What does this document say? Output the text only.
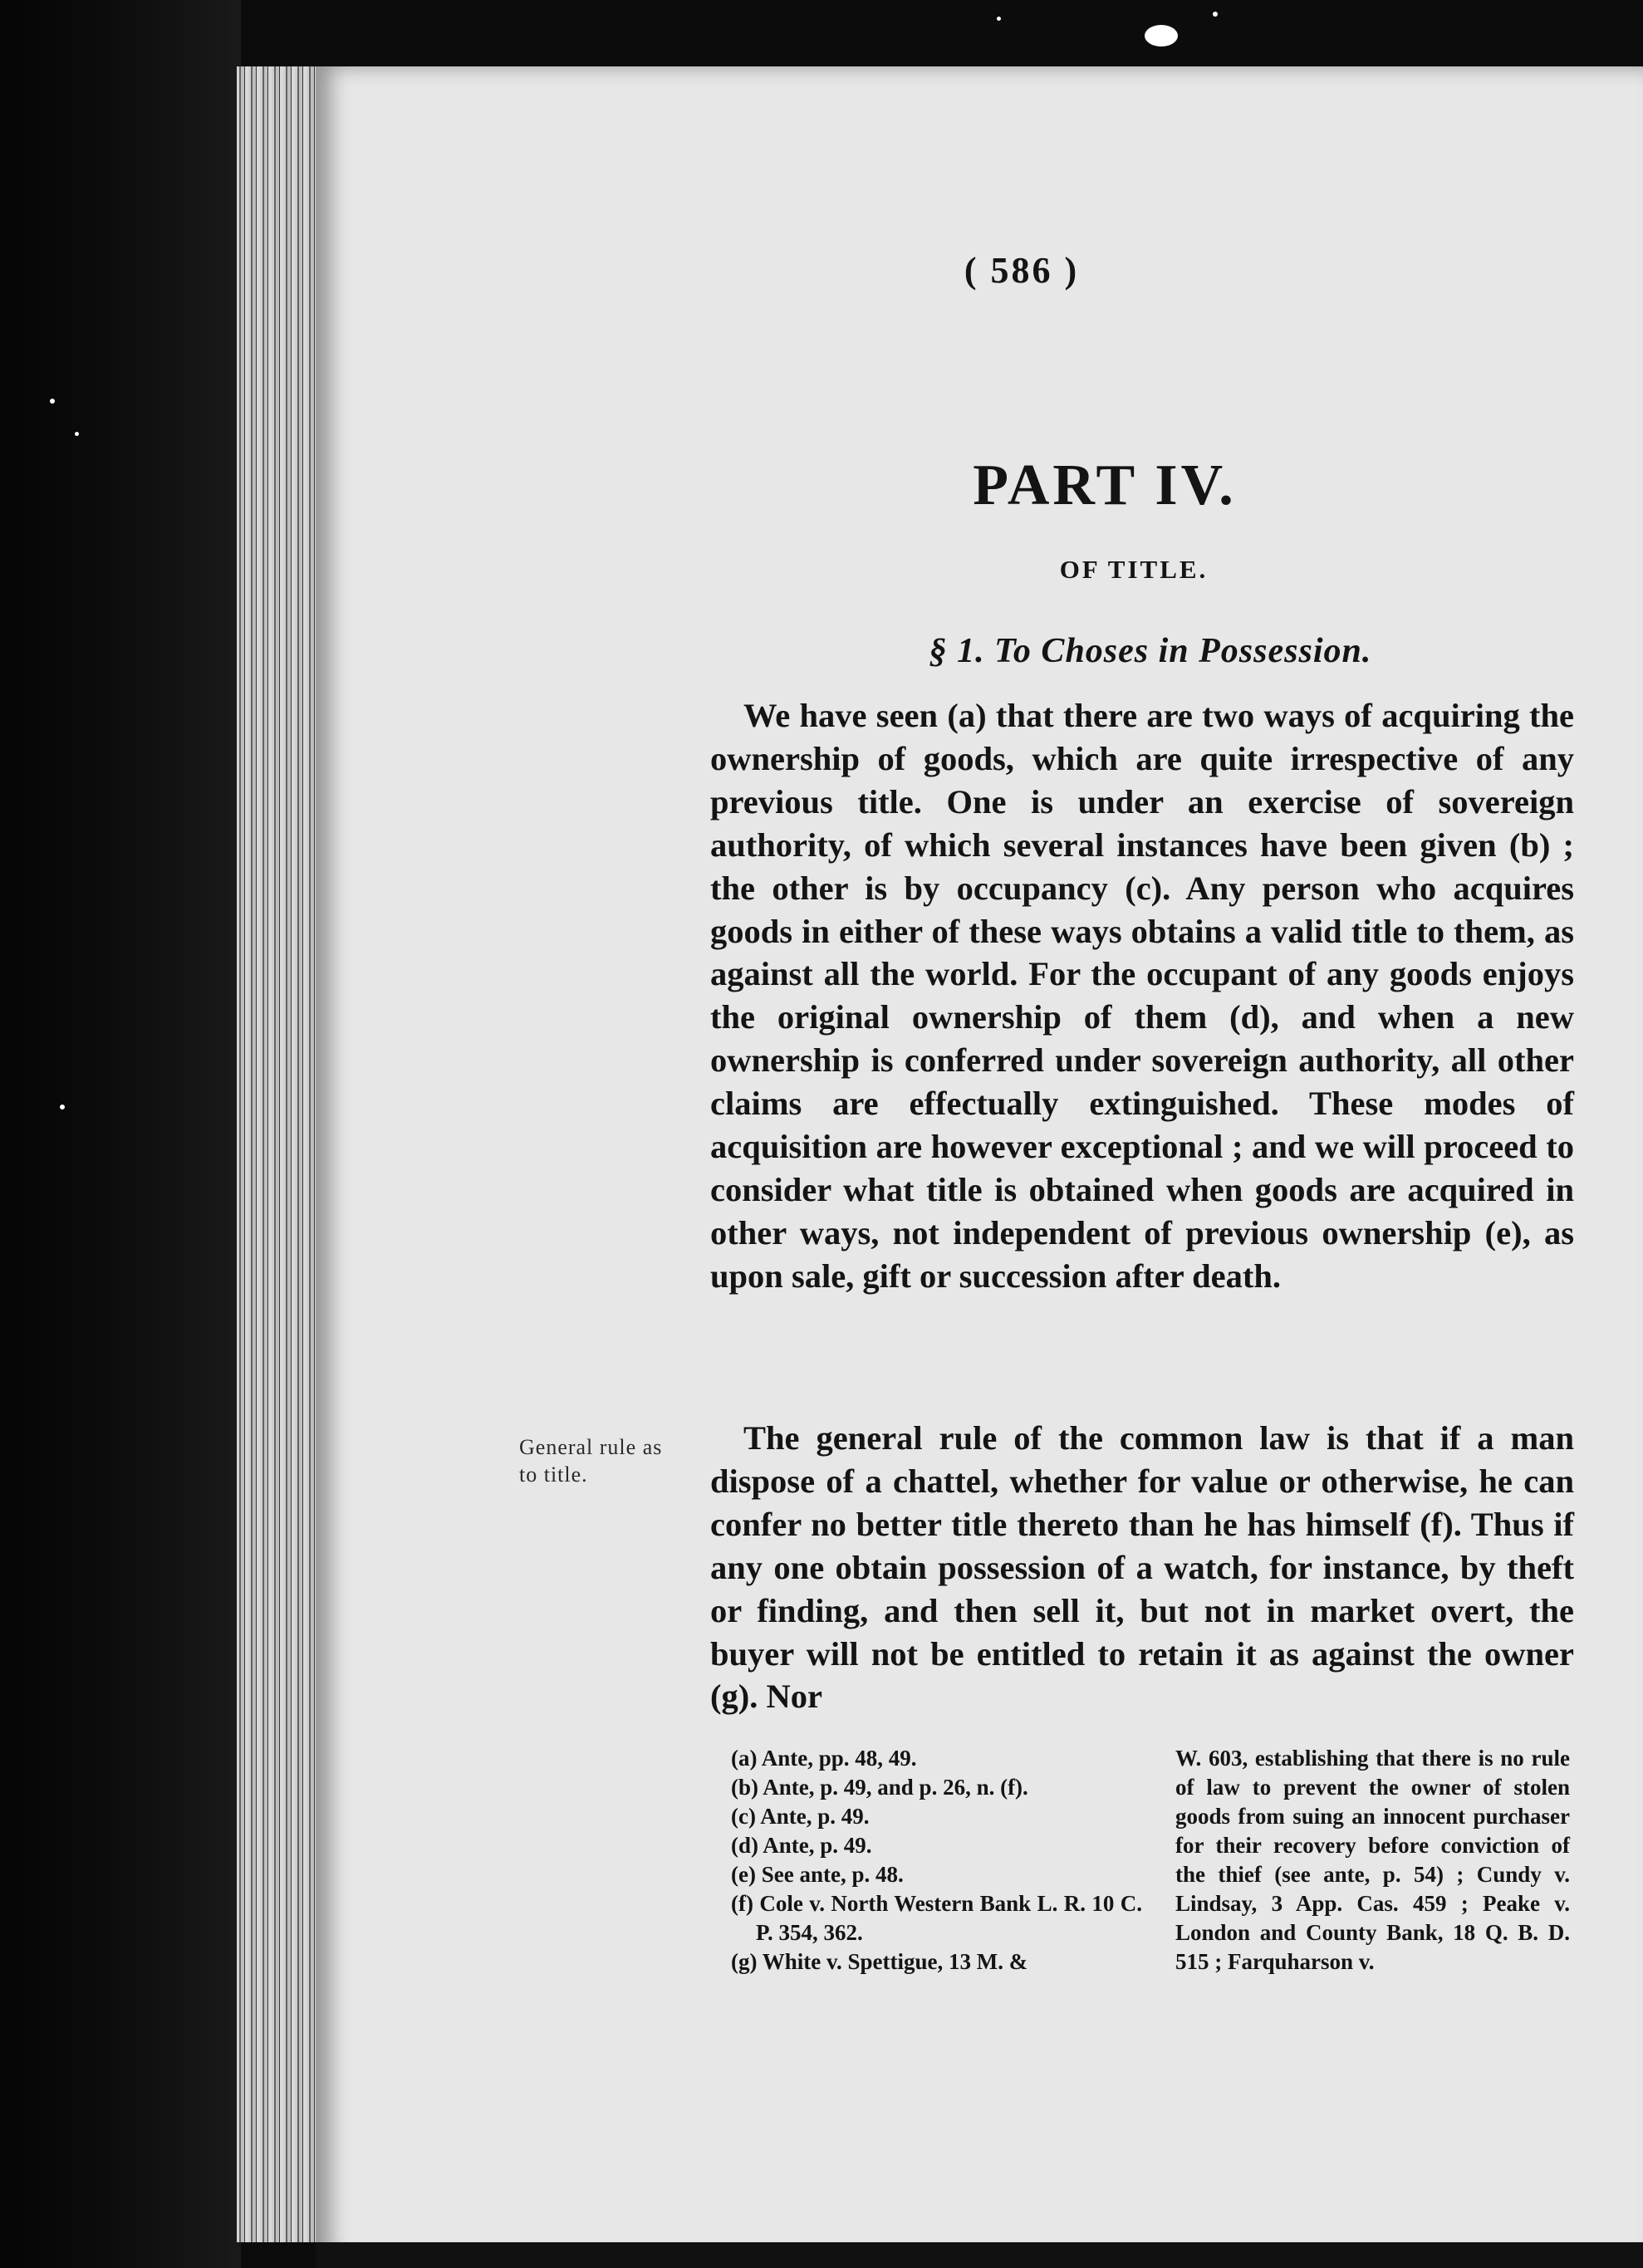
( 586 )
PART IV.
OF TITLE.
§ 1. To Choses in Possession.

We have seen (a) that there are two ways of acquiring the ownership of goods, which are quite irrespective of any previous title. One is under an exercise of sovereign authority, of which several instances have been given (b) ; the other is by occupancy (c). Any person who acquires goods in either of these ways obtains a valid title to them, as against all the world. For the occupant of any goods enjoys the original ownership of them (d), and when a new ownership is conferred under sovereign authority, all other claims are effectually extinguished. These modes of acquisition are however exceptional ; and we will proceed to consider what title is obtained when goods are acquired in other ways, not independent of previous ownership (e), as upon sale, gift or succession after death.

General rule as to title.

The general rule of the common law is that if a man dispose of a chattel, whether for value or otherwise, he can confer no better title thereto than he has himself (f). Thus if any one obtain possession of a watch, for instance, by theft or finding, and then sell it, but not in market overt, the buyer will not be entitled to retain it as against the owner (g). Nor

(a) Ante, pp. 48, 49.
(b) Ante, p. 49, and p. 26, n. (f).
(c) Ante, p. 49.
(d) Ante, p. 49.
(e) See ante, p. 48.
(f) Cole v. North Western Bank L. R. 10 C. P. 354, 362.
(g) White v. Spettigue, 13 M. &
W. 603, establishing that there is no rule of law to prevent the owner of stolen goods from suing an innocent purchaser for their recovery before conviction of the thief (see ante, p. 54) ; Cundy v. Lindsay, 3 App. Cas. 459 ; Peake v. London and County Bank, 18 Q. B. D. 515 ; Farquharson v.
